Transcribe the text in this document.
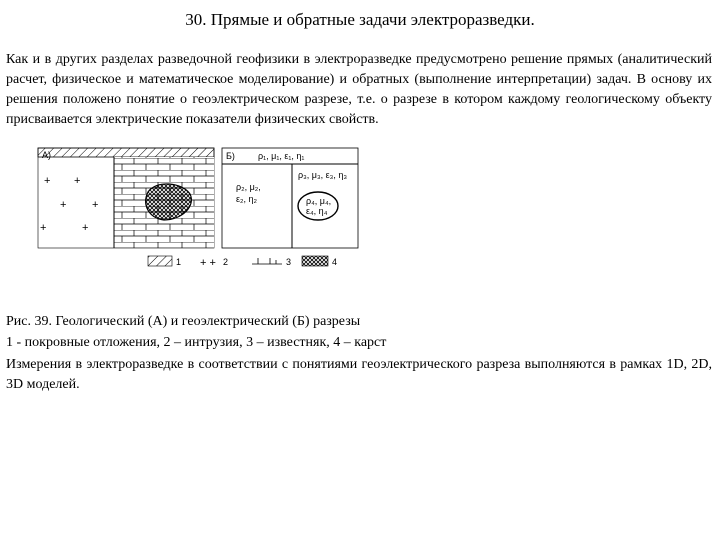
30. Прямые и обратные задачи электроразведки.

Как и в других разделах разведочной геофизики в электроразведке предусмотрено решение прямых (аналитический расчет, физическое и математическое моделирование) и обратных (выполнение интерпретации) задач. В основу их решения положено понятие о геоэлектрическом разрезе, т.е. о разрезе в котором каждому геологическому объекту присваивается электрические показатели физических свойств.

+ +
+ +
+	+
А)	Б)	ρ₁, μ₁, ε₁, η₁
ρ₂, μ₂,
ε₂, η₂
ρ₃, μ₃, ε₃, η₃
ρ₄, μ₄,
ε₄, η₄
1 + + 2	3	4

Рис. 39. Геологический (А) и геоэлектрический (Б) разрезы

1 - покровные отложения, 2 – интрузия, 3 – известняк, 4 – карст

Измерения в электроразведке в соответствии с понятиями геоэлектрического разреза выполняются в рамках 1D, 2D, 3D моделей.
